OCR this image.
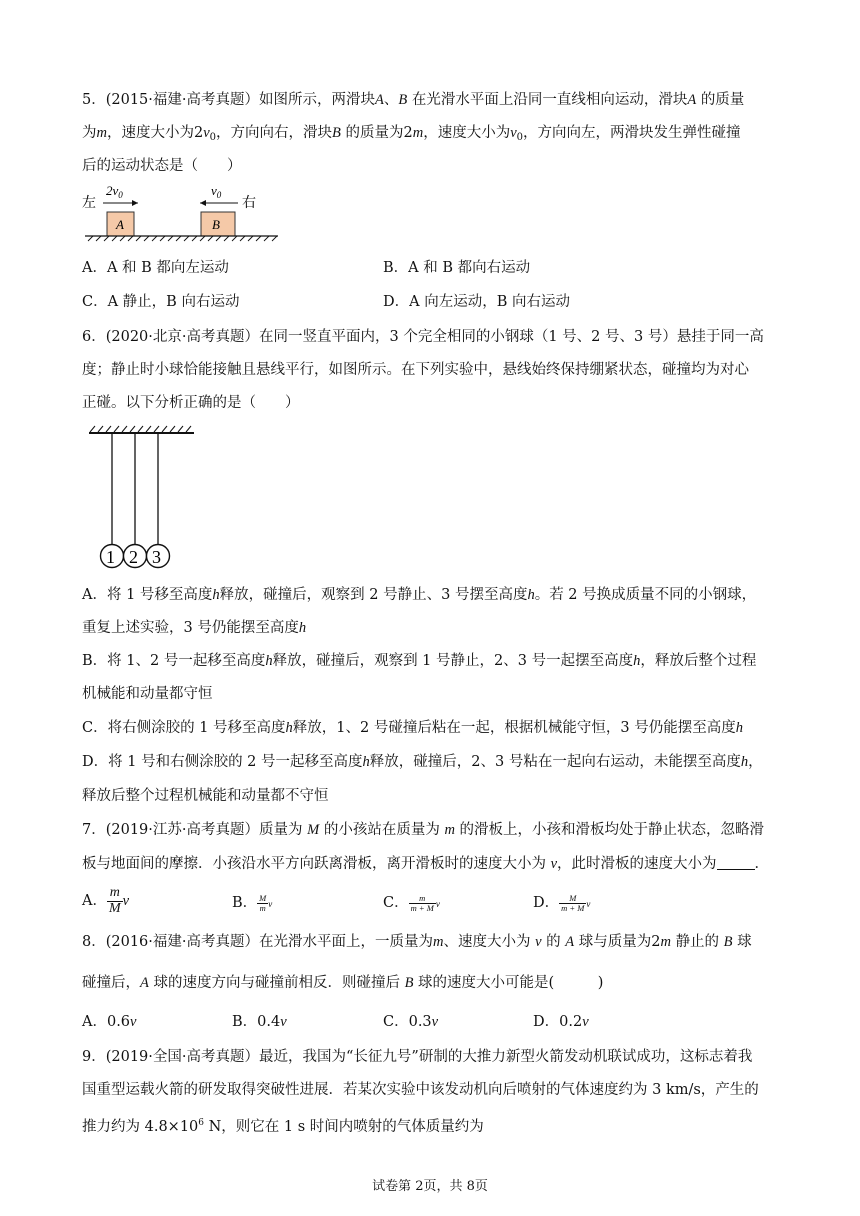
5．(2015·福建·高考真题）如图所示，两滑块A、B 在光滑水平面上沿同一直线相向运动，滑块A 的质量
为m，速度大小为$2v_0$，方向向右，滑块B 的质量为2m，速度大小为$v_0$，方向向左，两滑块发生弹性碰撞
后的运动状态是（　　）
左	右
A	B
$2v_0$	$v_0$
A．A 和 B 都向左运动	B．A 和 B 都向右运动
C．A 静止，B 向右运动	D．A 向左运动，B 向右运动
6．(2020·北京·高考真题）在同一竖直平面内，3 个完全相同的小钢球（1 号、2 号、3 号）悬挂于同一高
度；静止时小球恰能接触且悬线平行，如图所示。在下列实验中，悬线始终保持绷紧状态，碰撞均为对心
正碰。以下分析正确的是（　　）
1 2 3
A．将 1 号移至高度h释放，碰撞后，观察到 2 号静止、3 号摆至高度h。若 2 号换成质量不同的小钢球，
重复上述实验，3 号仍能摆至高度h
B．将 1、2 号一起移至高度h释放，碰撞后，观察到 1 号静止，2、3 号一起摆至高度h，释放后整个过程
机械能和动量都守恒
C．将右侧涂胶的 1 号移至高度h释放，1、2 号碰撞后粘在一起，根据机械能守恒，3 号仍能摆至高度h
D．将 1 号和右侧涂胶的 2 号一起移至高度h释放，碰撞后，2、3 号粘在一起向右运动，未能摆至高度h，
释放后整个过程机械能和动量都不守恒
7．(2019·江苏·高考真题）质量为 M 的小孩站在质量为 m 的滑板上，小孩和滑板均处于静止状态，忽略滑
板与地面间的摩擦．小孩沿水平方向跃离滑板，离开滑板时的速度大小为 v，此时滑板的速度大小为	．
A． $\frac{m}{M}$ v	B． $\frac{M}{m}$ v	C． $\frac{m}{m + M}$ v	D． $\frac{M}{m + M}$ v
8．(2016·福建·高考真题）在光滑水平面上，一质量为m、速度大小为 v 的 A 球与质量为2m 静止的 B 球
碰撞后，A 球的速度方向与碰撞前相反．则碰撞后 B 球的速度大小可能是(　　　)
A．0.6v	B．0.4v	C．0.3v	D．0.2v
9．(2019·全国·高考真题）最近，我国为“长征九号”研制的大推力新型火箭发动机联试成功，这标志着我
国重型运载火箭的研发取得突破性进展．若某次实验中该发动机向后喷射的气体速度约为 3 km/s，产生的
推力约为 $4.8\times 10^6$ N，则它在 1 s 时间内喷射的气体质量约为
试卷第 2页，共 8页
